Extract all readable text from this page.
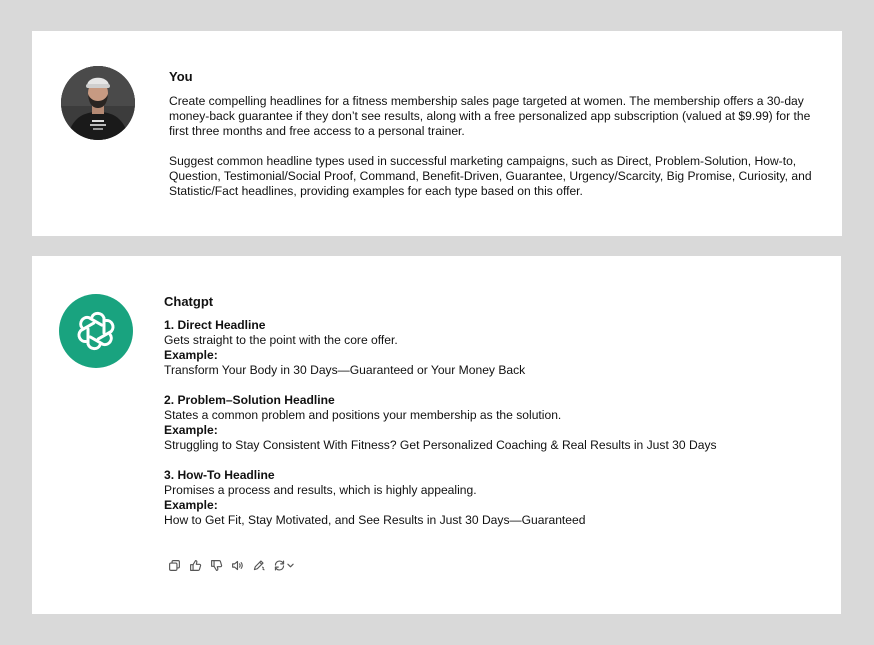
You

Create compelling headlines for a fitness membership sales page targeted at women. The membership offers a 30-day money-back guarantee if they don’t see results, along with a free personalized app subscription (valued at $9.99) for the first three months and free access to a personal trainer.

Suggest common headline types used in successful marketing campaigns, such as Direct, Problem-Solution, How-to, Question, Testimonial/Social Proof, Command, Benefit-Driven, Guarantee, Urgency/Scarcity, Big Promise, Curiosity, and Statistic/Fact headlines, providing examples for each type based on this offer.

Chatgpt
1. Direct Headline
Gets straight to the point with the core offer.
Example:
Transform Your Body in 30 Days—Guaranteed or Your Money Back
2. Problem–Solution Headline
States a common problem and positions your membership as the solution.
Example:
Struggling to Stay Consistent With Fitness? Get Personalized Coaching & Real Results in Just 30 Days
3. How-To Headline
Promises a process and results, which is highly appealing.
Example:
How to Get Fit, Stay Motivated, and See Results in Just 30 Days—Guaranteed
